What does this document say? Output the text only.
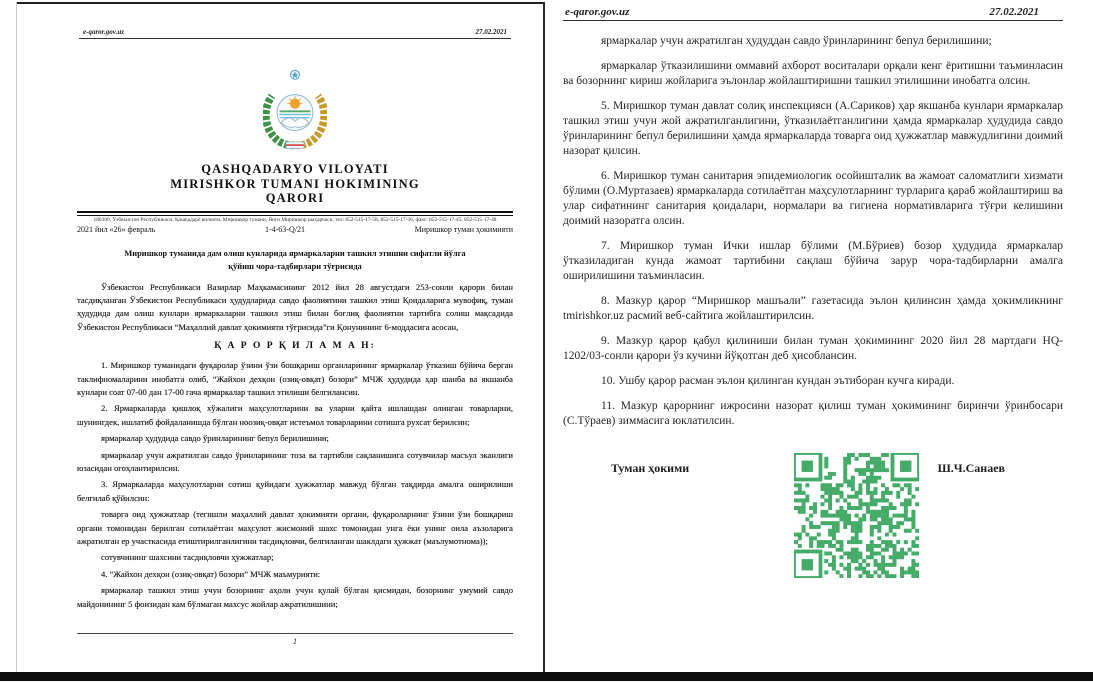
e-qaror.gov.uz	27.02.2021
QASHQADARYO VILOYATI
MIRISHKOR TUMANI HOKIMINING
QARORI
180300, Ўзбекистон Республикаси, Қашқадарё вилояти, Миришкор тумани, Янги Миришкор шаҳарчаси, тел: 852-515-17-58, 852-515-17-36, факс: 852-515-17-45, 852-515-17-48
2021 йил «26» февраль	1-4-63-Q/21	Миришкор туман ҳокимияти
Миришкор туманида дам олиш кунларида ярмаркаларни ташкил этишни сифатли йўлга қўйиш чора-тадбирлари тўғрисида

Ўзбекистон Республикаси Вазирлар Маҳкамасининг 2012 йил 28 августдаги 253-сонли қарори билан тасдиқланган Ўзбекистон Республикаси ҳудудларида савдо фаолиятини ташкил этиш Қоидаларига мувофиқ, туман ҳудудида дам олиш кунлари ярмаркаларни ташкил этиш билан боғлиқ фаолиятни тартибга солиш мақсадида Ўзбекистон Республикаси “Маҳаллий давлат ҳокимияти тўғрисида”ги Қонунининг 6-моддасига асосан,

Қ А Р О Р Қ И Л А М А Н:

1. Миришкор туманидаги фуқаролар ўзини ўзи бошқариш органларининг ярмаркалар ўтказиш бўйича берган таклифномаларини инобатга олиб, “Жайхон дехқон (озиқ-овқат) бозори” МЧЖ ҳудудида ҳар шанба ва якшанба кунлари соат 07-00 дан 17-00 гача ярмаркалар ташкил этилиши белгилансин.

2. Ярмаркаларда қишлоқ хўжалиги маҳсулотларини ва уларни қайта ишлашдан олинган товарларни, шунингдек, ишлатиб фойдаланишда бўлган ноозиқ-овқат истеъмол товарларини сотишга рухсат берилсин;

ярмаркалар ҳудудида савдо ўринларининг бепул берилишини;

ярмаркалар учун ажратилган савдо ўринларининг тоза ва тартибли сақланишига сотувчилар масъул эканлиги юзасидан огоҳлантирилсин.

3. Ярмаркаларда маҳсулотларни сотиш қуйидаги ҳужжатлар мавжуд бўлган тақдирда амалга оширилиши белгилаб қўйилсин:

товарга оид ҳужжатлар (тегишли маҳаллий давлат ҳокимияти органи, фуқароларнинг ўзини ўзи бошқариш органи томонидан берилган сотилаётган маҳсулот жисмоний шахс томонидан унга ёки унинг оила аъзоларига ажратилган ер участкасида етиштирилганлигини тасдиқловчи, белгиланган шаклдаги ҳужжат (маълумотнома));

сотувчининг шахсини тасдиқловчи ҳужжатлар;

4. “Жайхон дехқон (озиқ-овқат) бозори” МЧЖ маъмурияти:

ярмаркалар ташкил этиш учун бозорнинг аҳоли учун қулай бўлган қисмидан, бозорнинг умумий савдо майдонининг 5 фоизидан кам бўлмаган махсус жойлар ажратилишини;

1
e-qaror.gov.uz	27.02.2021

ярмаркалар учун ажратилган ҳудуддан савдо ўринларининг бепул берилишини;

ярмаркалар ўтказилишини оммавий ахборот воситалари орқали кенг ёритишни таъминласин ва бозорнинг кириш жойларига эълонлар жойлаштиришни ташкил этилишини инобатга олсин.

5. Миришкор туман давлат солиқ инспекцияси (А.Сариков) ҳар якшанба кунлари ярмаркалар ташкил этиш учун жой ажратилганлигини, ўтказилаётганлигини ҳамда ярмаркалар ҳудудида савдо ўринларининг бепул берилишини ҳамда ярмаркаларда товарга оид ҳужжатлар мавжудлигини доимий назорат қилсин.

6. Миришкор туман санитария эпидемиологик осойишталик ва жамоат саломатлиги хизмати бўлими (О.Муртазаев) ярмаркаларда сотилаётган маҳсулотларнинг турларига қараб жойлаштириш ва улар сифатининг санитария қоидалари, нормалари ва гигиена нормативларига тўғри келишини доимий назоратга олсин.

7. Миришкор туман Ички ишлар бўлими (М.Бўриев) бозор ҳудудида ярмаркалар ўтказиладиган кунда жамоат тартибини сақлаш бўйича зарур чора-тадбирларни амалга оширилишини таъминласин.

8. Мазкур қарор “Миришкор машъали” газетасида эълон қилинсин ҳамда ҳокимликнинг tmirishkor.uz расмий веб-сайтига жойлаштирилсин.

9. Мазкур қарор қабул қилиниши билан туман ҳокимининг 2020 йил 28 мартдаги HQ-1202/03-сонли қарори ўз кучини йўқотган деб ҳисоблансин.

10. Ушбу қарор расман эълон қилинган кундан эътиборан кучга киради.

11. Мазкур қарорнинг ижросини назорат қилиш туман ҳокимининг биринчи ўринбосари (С.Тўраев) зиммасига юклатилсин.

Туман ҳокими	Ш.Ч.Санаев
